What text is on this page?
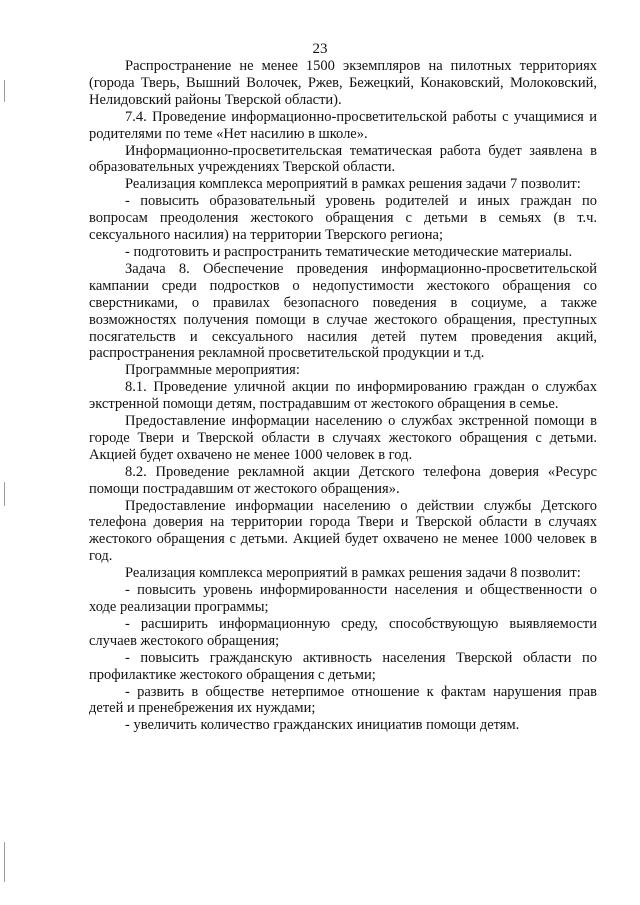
23

Распространение не менее 1500 экземпляров на пилотных территориях (города Тверь, Вышний Волочек, Ржев, Бежецкий, Конаковский, Молоковский, Нелидовский районы Тверской области).

7.4. Проведение информационно-просветительской работы с учащимися и родителями по теме «Нет насилию в школе».

Информационно-просветительская тематическая работа будет заявлена в образовательных учреждениях Тверской области.

Реализация комплекса мероприятий в рамках решения задачи 7 позволит:

- повысить образовательный уровень родителей и иных граждан по вопросам преодоления жестокого обращения с детьми в семьях (в т.ч. сексуального насилия) на территории Тверского региона;

- подготовить и распространить тематические методические материалы.

Задача 8. Обеспечение проведения информационно-просветительской кампании среди подростков о недопустимости жестокого обращения со сверстниками, о правилах безопасного поведения в социуме, а также возможностях получения помощи в случае жестокого обращения, преступных посягательств и сексуального насилия детей путем проведения акций, распространения рекламной просветительской продукции и т.д.

Программные мероприятия:

8.1. Проведение уличной акции по информированию граждан о службах экстренной помощи детям, пострадавшим от жестокого обращения в семье.

Предоставление информации населению о службах экстренной помощи в городе Твери и Тверской области в случаях жестокого обращения с детьми. Акцией будет охвачено не менее 1000 человек в год.

8.2. Проведение рекламной акции Детского телефона доверия «Ресурс помощи пострадавшим от жестокого обращения».

Предоставление информации населению о действии службы Детского телефона доверия на территории города Твери и Тверской области в случаях жестокого обращения с детьми. Акцией будет охвачено не менее 1000 человек в год.

Реализация комплекса мероприятий в рамках решения задачи 8 позволит:

- повысить уровень информированности населения и общественности о ходе реализации программы;

- расширить информационную среду, способствующую выявляемости случаев жестокого обращения;

- повысить гражданскую активность населения Тверской области по профилактике жестокого обращения с детьми;

- развить в обществе нетерпимое отношение к фактам нарушения прав детей и пренебрежения их нуждами;

- увеличить количество гражданских инициатив помощи детям.
